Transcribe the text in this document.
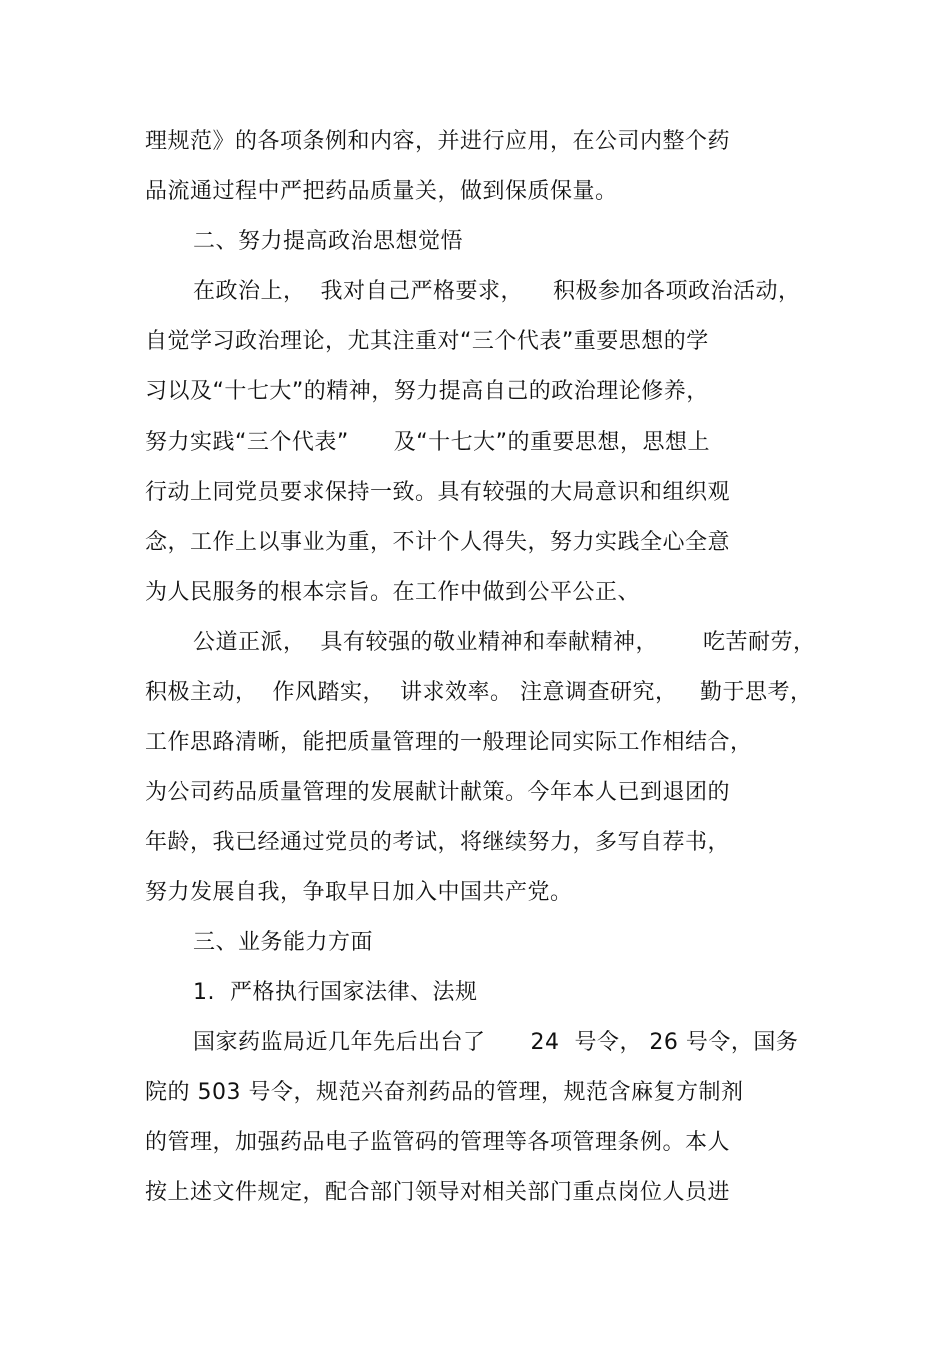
理规范》的各项条例和内容，并进行应用，在公司内整个药
品流通过程中严把药品质量关，做到保质保量。
二、努力提高政治思想觉悟
在政治上，  我对自己严格要求，    积极参加各项政治活动，
自觉学习政治理论，尤其注重对“三个代表”重要思想的学
习以及“十七大”的精神，努力提高自己的政治理论修养，
努力实践“三个代表”      及“十七大”的重要思想，思想上
行动上同党员要求保持一致。具有较强的大局意识和组织观
念，工作上以事业为重，不计个人得失，努力实践全心全意
为人民服务的根本宗旨。在工作中做到公平公正、
公道正派，  具有较强的敬业精神和奉献精神，      吃苦耐劳，
积极主动，  作风踏实，  讲求效率。 注意调查研究，   勤于思考，
工作思路清晰，能把质量管理的一般理论同实际工作相结合，
为公司药品质量管理的发展献计献策。今年本人已到退团的
年龄，我已经通过党员的考试，将继续努力，多写自荐书，
努力发展自我，争取早日加入中国共产党。
三、业务能力方面
1.  严格执行国家法律、法规
国家药监局近几年先后出台了      24  号令， 26 号令，国务
院的 503 号令，规范兴奋剂药品的管理，规范含麻复方制剂
的管理，加强药品电子监管码的管理等各项管理条例。本人
按上述文件规定，配合部门领导对相关部门重点岗位人员进
